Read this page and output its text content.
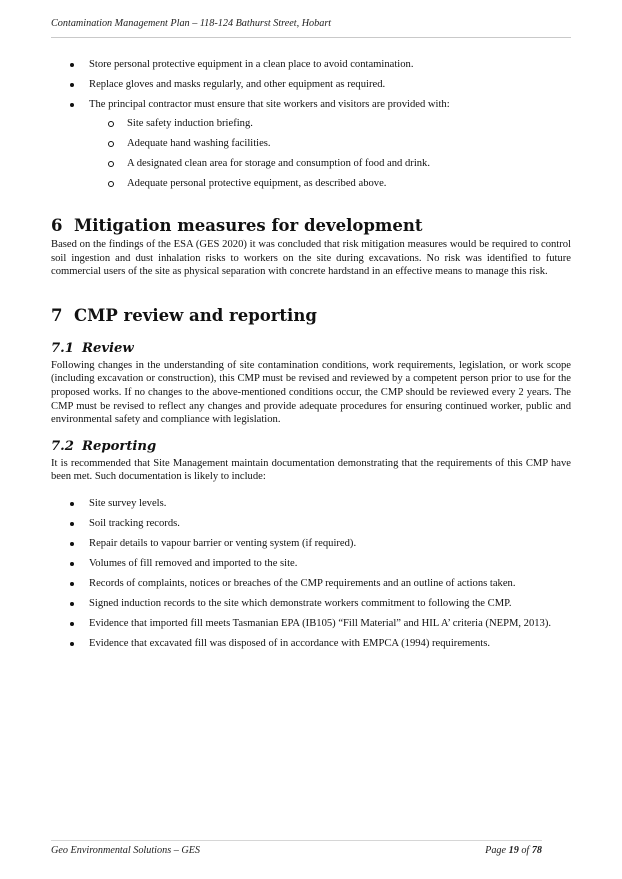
Contamination Management Plan – 118-124 Bathurst Street, Hobart
Store personal protective equipment in a clean place to avoid contamination.
Replace gloves and masks regularly, and other equipment as required.
The principal contractor must ensure that site workers and visitors are provided with:
Site safety induction briefing.
Adequate hand washing facilities.
A designated clean area for storage and consumption of food and drink.
Adequate personal protective equipment, as described above.
6 Mitigation measures for development

Based on the findings of the ESA (GES 2020) it was concluded that risk mitigation measures would be required to control soil ingestion and dust inhalation risks to workers on the site during excavations. No risk was identified to future commercial users of the site as physical separation with concrete hardstand in an effective means to manage this risk.

7 CMP review and reporting
7.1 Review

Following changes in the understanding of site contamination conditions, work requirements, legislation, or work scope (including excavation or construction), this CMP must be revised and reviewed by a competent person prior to use for the proposed works. If no changes to the above-mentioned conditions occur, the CMP should be reviewed every 2 years. The CMP must be revised to reflect any changes and provide adequate procedures for ensuring continued worker, public and environmental safety and compliance with legislation.

7.2 Reporting

It is recommended that Site Management maintain documentation demonstrating that the requirements of this CMP have been met. Such documentation is likely to include:

Site survey levels.
Soil tracking records.
Repair details to vapour barrier or venting system (if required).
Volumes of fill removed and imported to the site.
Records of complaints, notices or breaches of the CMP requirements and an outline of actions taken.
Signed induction records to the site which demonstrate workers commitment to following the CMP.
Evidence that imported fill meets Tasmanian EPA (IB105) “Fill Material” and HIL A’ criteria (NEPM, 2013).
Evidence that excavated fill was disposed of in accordance with EMPCA (1994) requirements.
Geo Environmental Solutions – GES	Page 19 of 78
